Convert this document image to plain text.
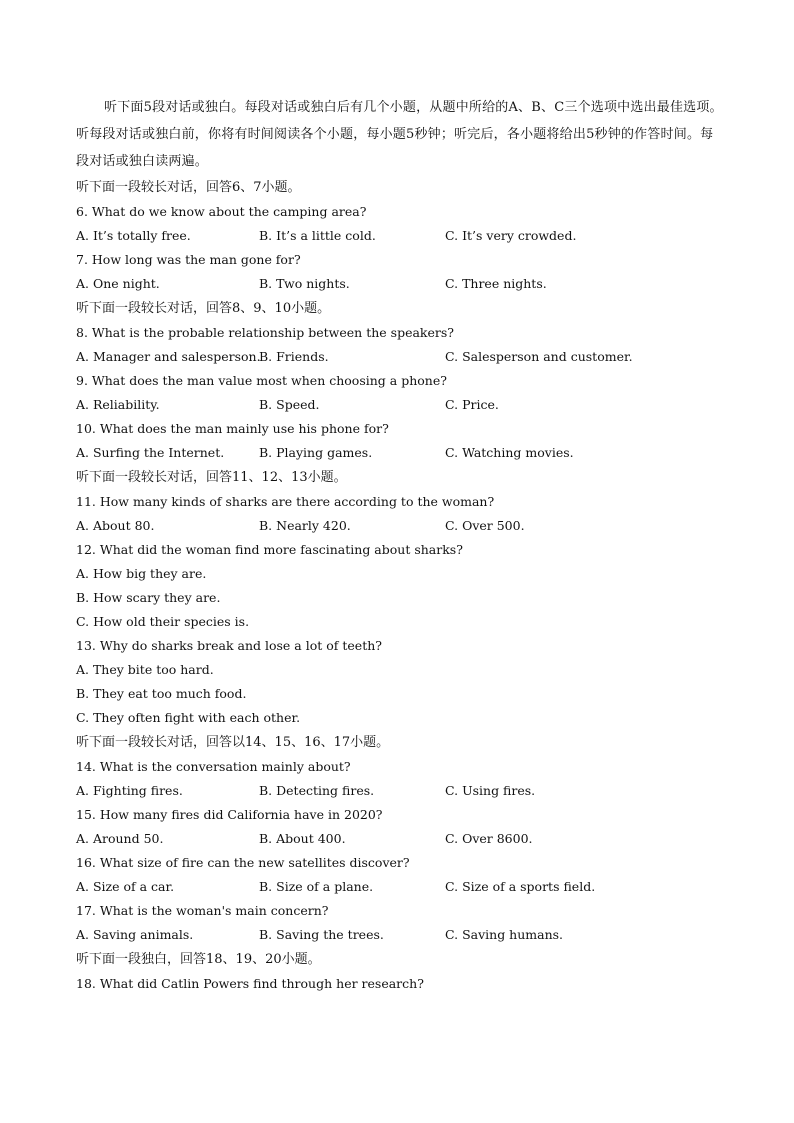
听下面5段对话或独白。每段对话或独白后有几个小题，从题中所给的A、B、C三个选项中选出最佳选项。听每段对话或独白前，你将有时间阅读各个小题，每小题5秒钟；听完后，各小题将给出5秒钟的作答时间。每段对话或独白读两遍。

听下面一段较长对话，回答6、7小题。
6. What do we know about the camping area?
A. It’s totally free.	B. It’s a little cold.	C. It’s very crowded.
7. How long was the man gone for?
A. One night.	B. Two nights.	C. Three nights.
听下面一段较长对话，回答8、9、10小题。
8. What is the probable relationship between the speakers?
A. Manager and salesperson.
B. Friends.	C. Salesperson and customer.
9. What does the man value most when choosing a phone?
A. Reliability.	B. Speed.	C. Price.
10. What does the man mainly use his phone for?
A. Surfing the Internet.	B. Playing games.	C. Watching movies.
听下面一段较长对话，回答11、12、13小题。
11. How many kinds of sharks are there according to the woman?
A. About 80.	B. Nearly 420.	C. Over 500.
12. What did the woman find more fascinating about sharks?
A. How big they are.
B. How scary they are.
C. How old their species is.
13. Why do sharks break and lose a lot of teeth?
A. They bite too hard.
B. They eat too much food.
C. They often fight with each other.
听下面一段较长对话，回答以14、15、16、17小题。
14. What is the conversation mainly about?
A. Fighting fires.	B. Detecting fires.	C. Using fires.
15. How many fires did California have in 2020?
A. Around 50.	B. About 400.	C. Over 8600.
16. What size of fire can the new satellites discover?
A. Size of a car.	B. Size of a plane.	C. Size of a sports field.
17. What is the woman's main concern?
A. Saving animals.	B. Saving the trees.	C. Saving humans.
听下面一段独白，回答18、19、20小题。
18. What did Catlin Powers find through her research?
